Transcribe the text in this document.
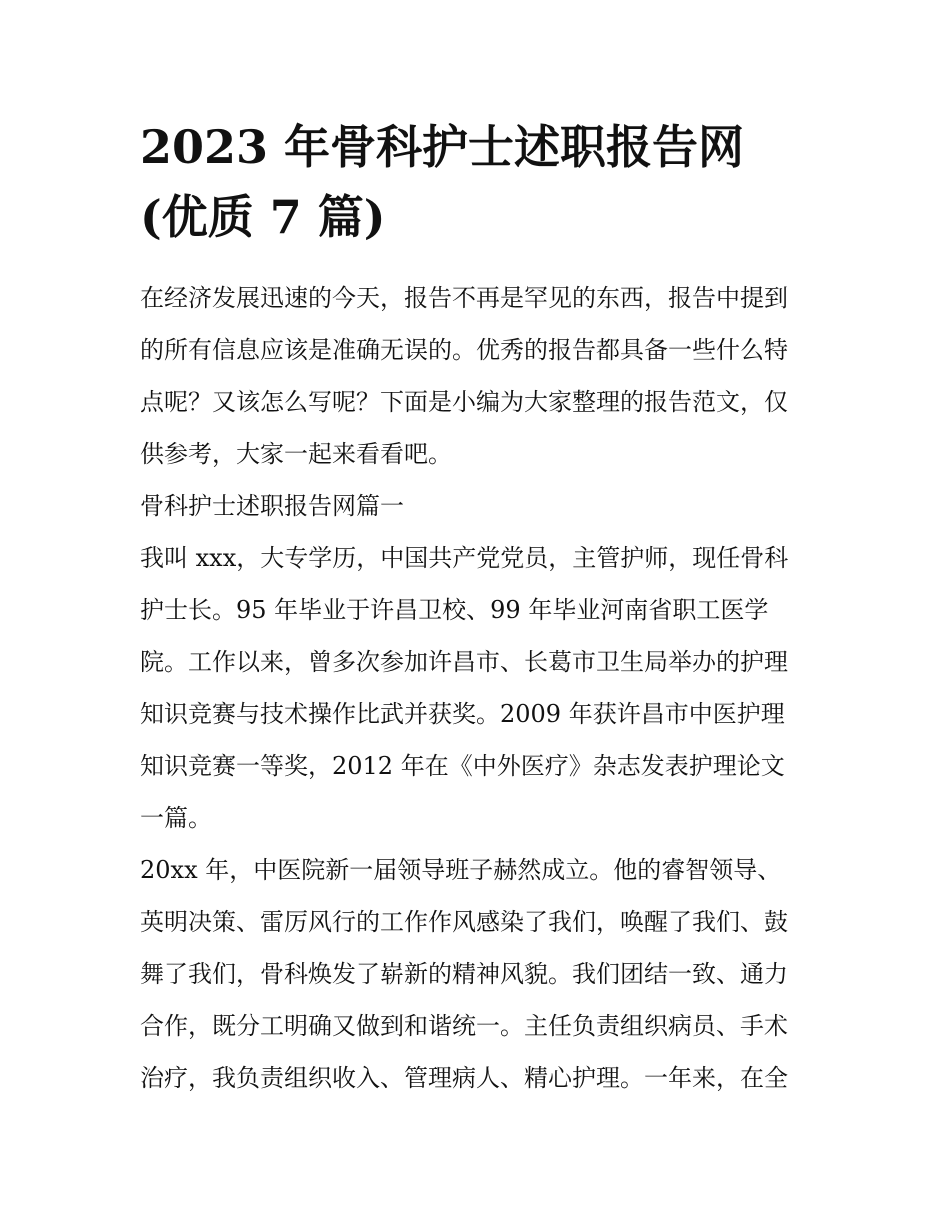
2023 年骨科护士述职报告网
(优质 7 篇)

在经济发展迅速的今天，报告不再是罕见的东西，报告中提到
的所有信息应该是准确无误的。优秀的报告都具备一些什么特
点呢？又该怎么写呢？下面是小编为大家整理的报告范文，仅
供参考，大家一起来看看吧。

骨科护士述职报告网篇一

我叫 xxx，大专学历，中国共产党党员，主管护师，现任骨科
护士长。95 年毕业于许昌卫校、99 年毕业河南省职工医学
院。工作以来，曾多次参加许昌市、长葛市卫生局举办的护理
知识竞赛与技术操作比武并获奖。2009 年获许昌市中医护理
知识竞赛一等奖，2012 年在《中外医疗》杂志发表护理论文
一篇。

20xx 年，中医院新一届领导班子赫然成立。他的睿智领导、
英明决策、雷厉风行的工作作风感染了我们，唤醒了我们、鼓
舞了我们，骨科焕发了崭新的精神风貌。我们团结一致、通力
合作，既分工明确又做到和谐统一。主任负责组织病员、手术
治疗，我负责组织收入、管理病人、精心护理。一年来，在全
